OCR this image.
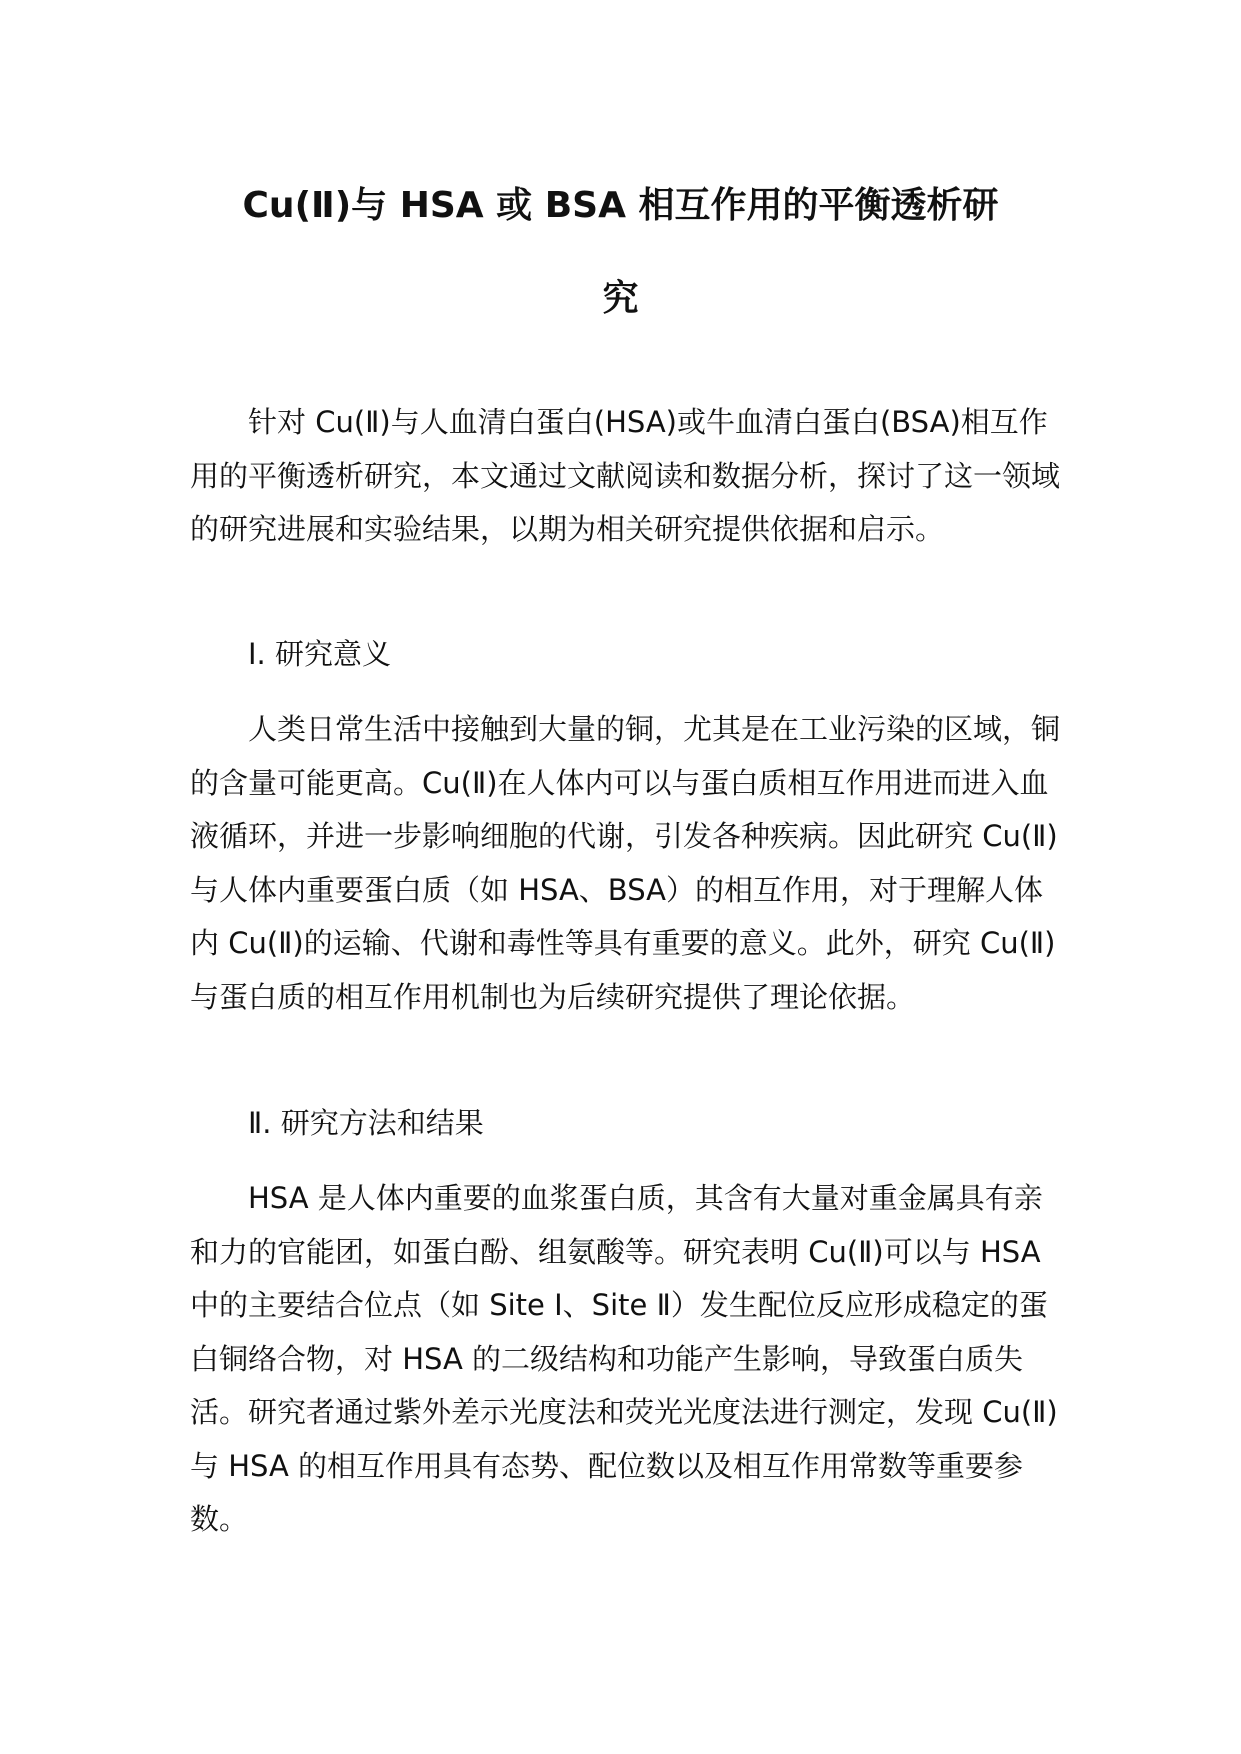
Cu(Ⅱ)与 HSA 或 BSA 相互作用的平衡透析研
究

针对 Cu(Ⅱ)与人血清白蛋白(HSA)或牛血清白蛋白(BSA)相互作用的平衡透析研究，本文通过文献阅读和数据分析，探讨了这一领域的研究进展和实验结果，以期为相关研究提供依据和启示。

Ⅰ. 研究意义

人类日常生活中接触到大量的铜，尤其是在工业污染的区域，铜的含量可能更高。Cu(Ⅱ)在人体内可以与蛋白质相互作用进而进入血液循环，并进一步影响细胞的代谢，引发各种疾病。因此研究 Cu(Ⅱ)与人体内重要蛋白质（如 HSA、BSA）的相互作用，对于理解人体内 Cu(Ⅱ)的运输、代谢和毒性等具有重要的意义。此外，研究 Cu(Ⅱ)与蛋白质的相互作用机制也为后续研究提供了理论依据。

Ⅱ. 研究方法和结果

HSA 是人体内重要的血浆蛋白质，其含有大量对重金属具有亲和力的官能团，如蛋白酚、组氨酸等。研究表明 Cu(Ⅱ)可以与 HSA 中的主要结合位点（如 Site Ⅰ、Site Ⅱ）发生配位反应形成稳定的蛋白铜络合物，对 HSA 的二级结构和功能产生影响，导致蛋白质失活。研究者通过紫外差示光度法和荧光光度法进行测定，发现 Cu(Ⅱ)与 HSA 的相互作用具有态势、配位数以及相互作用常数等重要参数。
